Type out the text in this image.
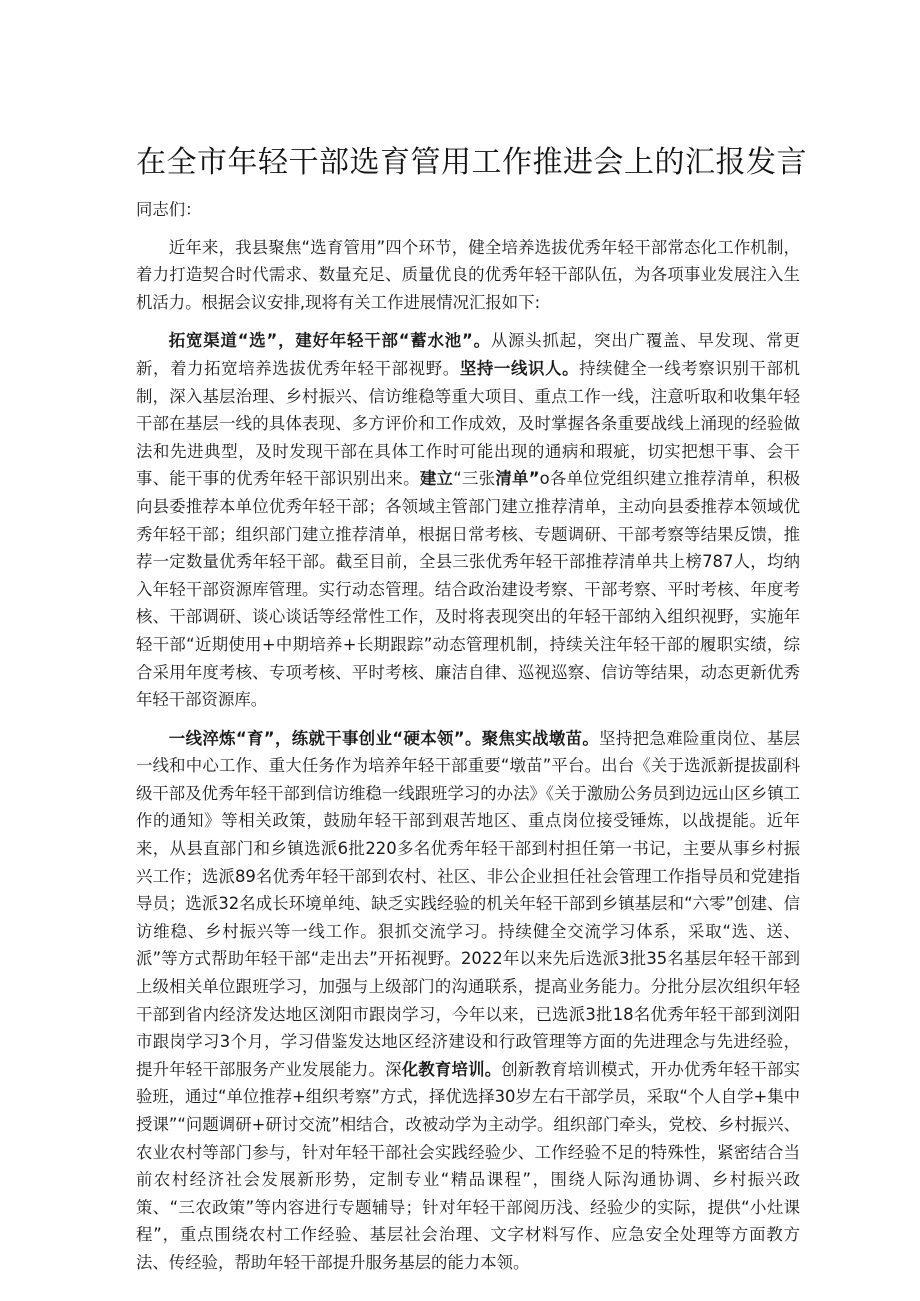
在全市年轻干部选育管用工作推进会上的汇报发言

同志们：

近年来，我县聚焦“选育管用”四个环节，健全培养选拔优秀年轻干部常态化工作机制，着力打造契合时代需求、数量充足、质量优良的优秀年轻干部队伍，为各项事业发展注入生机活力。根据会议安排,现将有关工作进展情况汇报如下:

拓宽渠道“选”，建好年轻干部“蓄水池”。从源头抓起，突出广覆盖、早发现、常更新，着力拓宽培养选拔优秀年轻干部视野。坚持一线识人。持续健全一线考察识别干部机制，深入基层治理、乡村振兴、信访维稳等重大项目、重点工作一线，注意听取和收集年轻干部在基层一线的具体表现、多方评价和工作成效，及时掌握各条重要战线上涌现的经验做法和先进典型，及时发现干部在具体工作时可能出现的通病和瑕疵，切实把想干事、会干事、能干事的优秀年轻干部识别出来。建立“三张清单”o各单位党组织建立推荐清单，积极向县委推荐本单位优秀年轻干部；各领域主管部门建立推荐清单，主动向县委推荐本领域优秀年轻干部；组织部门建立推荐清单，根据日常考核、专题调研、干部考察等结果反馈，推荐一定数量优秀年轻干部。截至目前，全县三张优秀年轻干部推荐清单共上榜787人，均纳入年轻干部资源库管理。实行动态管理。结合政治建设考察、干部考察、平时考核、年度考核、干部调研、谈心谈话等经常性工作，及时将表现突出的年轻干部纳入组织视野，实施年轻干部“近期使用+中期培养+长期跟踪”动态管理机制，持续关注年轻干部的履职实绩，综合采用年度考核、专项考核、平时考核、廉洁自律、巡视巡察、信访等结果，动态更新优秀年轻干部资源库。

一线淬炼“育”，练就干事创业“硬本领”。聚焦实战墩苗。坚持把急难险重岗位、基层一线和中心工作、重大任务作为培养年轻干部重要“墩苗”平台。出台《关于选派新提拔副科级干部及优秀年轻干部到信访维稳一线跟班学习的办法》《关于激励公务员到边远山区乡镇工作的通知》等相关政策，鼓励年轻干部到艰苦地区、重点岗位接受锤炼，以战提能。近年来，从县直部门和乡镇选派6批220多名优秀年轻干部到村担任第一书记，主要从事乡村振兴工作；选派89名优秀年轻干部到农村、社区、非公企业担任社会管理工作指导员和党建指导员；选派32名成长环境单纯、缺乏实践经验的机关年轻干部到乡镇基层和“六零”创建、信访维稳、乡村振兴等一线工作。狠抓交流学习。持续健全交流学习体系，采取“选、送、派”等方式帮助年轻干部“走出去”开拓视野。2022年以来先后选派3批35名基层年轻干部到上级相关单位跟班学习，加强与上级部门的沟通联系，提高业务能力。分批分层次组织年轻干部到省内经济发达地区浏阳市跟岗学习，今年以来，已选派3批18名优秀年轻干部到浏阳市跟岗学习3个月，学习借鉴发达地区经济建设和行政管理等方面的先进理念与先进经验，提升年轻干部服务产业发展能力。深化教育培训。创新教育培训模式，开办优秀年轻干部实验班，通过“单位推荐+组织考察”方式，择优选择30岁左右干部学员，采取“个人自学+集中授课”“问题调研+研讨交流”相结合，改被动学为主动学。组织部门牵头，党校、乡村振兴、农业农村等部门参与，针对年轻干部社会实践经验少、工作经验不足的特殊性，紧密结合当前农村经济社会发展新形势，定制专业“精品课程”，围绕人际沟通协调、乡村振兴政策、“三农政策”等内容进行专题辅导；针对年轻干部阅历浅、经验少的实际，提供“小灶课程”，重点围绕农村工作经验、基层社会治理、文字材料写作、应急安全处理等方面教方法、传经验，帮助年轻干部提升服务基层的能力本领。
